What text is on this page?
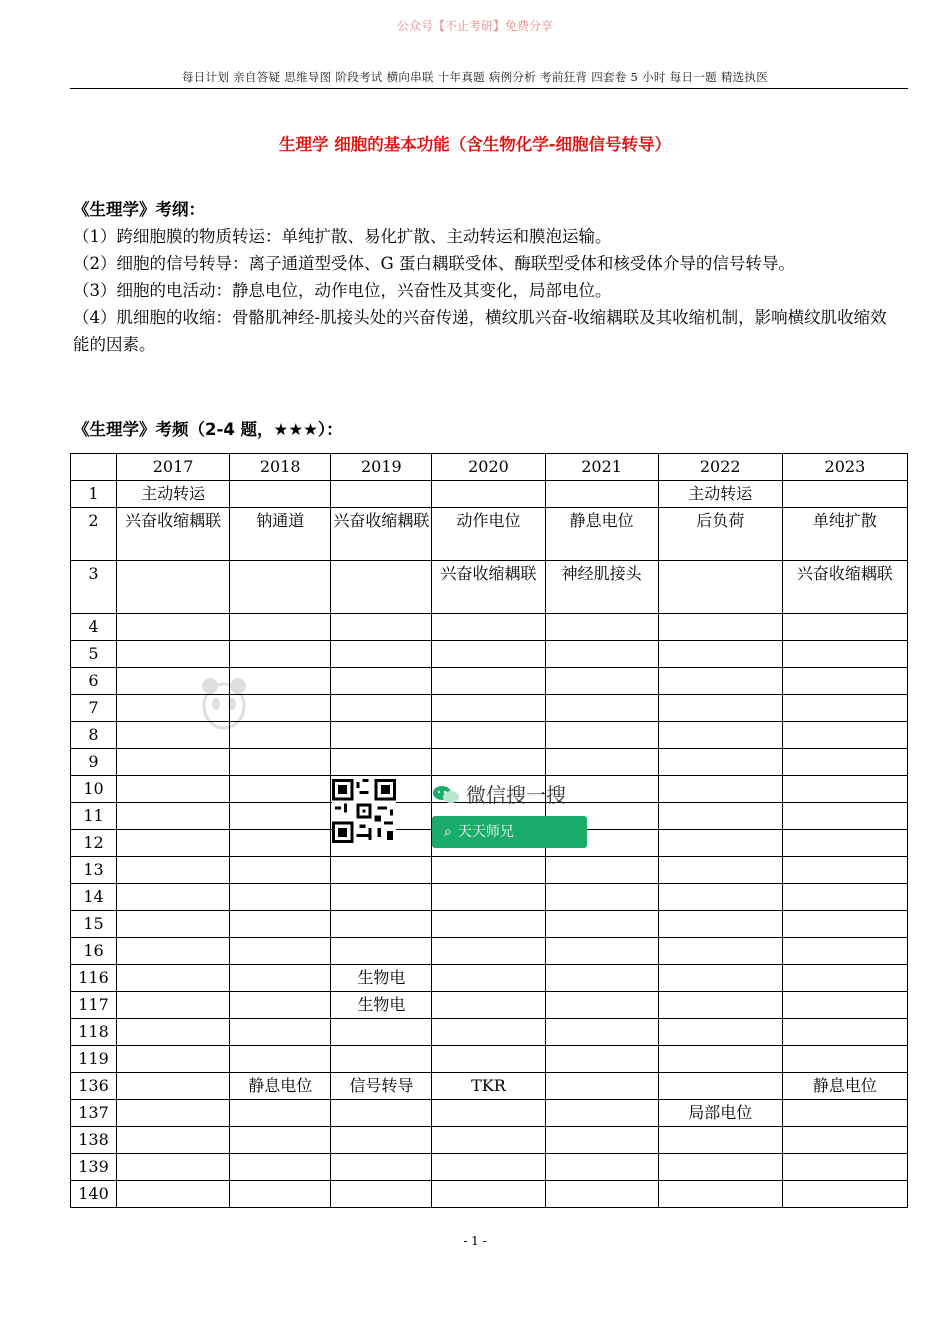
公众号【不止考研】免费分享
每日计划 亲自答疑 思维导图 阶段考试 横向串联 十年真题 病例分析 考前狂背 四套卷 5 小时 每日一题 精选执医
生理学 细胞的基本功能（含生物化学-细胞信号转导）

《生理学》考纲：

（1）跨细胞膜的物质转运：单纯扩散、易化扩散、主动转运和膜泡运输。

（2）细胞的信号转导：离子通道型受体、G 蛋白耦联受体、酶联型受体和核受体介导的信号转导。

（3）细胞的电活动：静息电位，动作电位，兴奋性及其变化，局部电位。

（4）肌细胞的收缩：骨骼肌神经-肌接头处的兴奋传递，横纹肌兴奋-收缩耦联及其收缩机制，影响横纹肌收缩效能的因素。

《生理学》考频（2-4 题，★★★）：
	2017	2018	2019	2020	2021	2022	2023
1	主动转运					主动转运	
2	兴奋收缩耦联	钠通道	兴奋收缩耦联	动作电位	静息电位	后负荷	单纯扩散
3				兴奋收缩耦联	神经肌接头		兴奋收缩耦联
4							
5							
6							
7							
8							
9							
10							
11							
12							
13							
14							
15							
16							
116			生物电				
117			生物电				
118							
119							
136		静息电位	信号转导	TKR			静息电位
137						局部电位	
138							
139							
140							
微信搜一搜
⌕ 天天师兄
- 1 -
